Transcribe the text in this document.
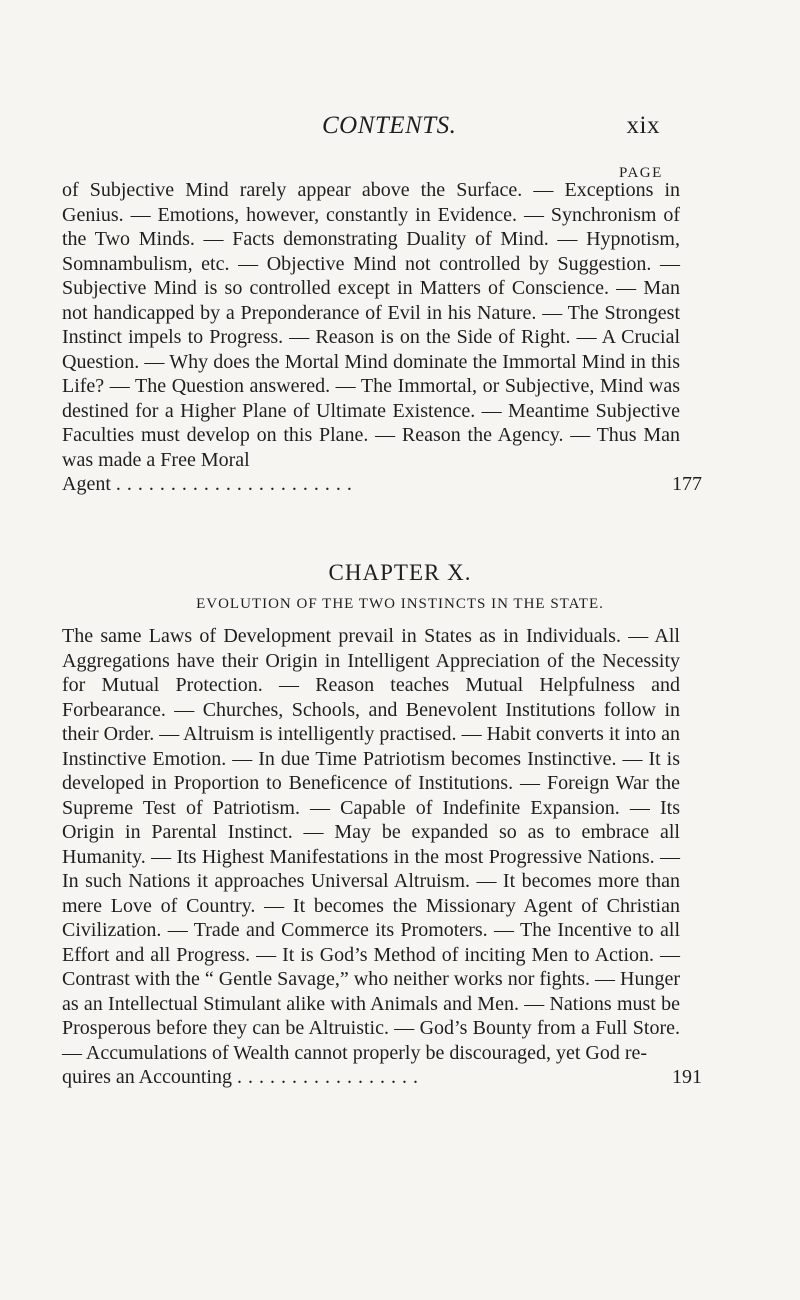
CONTENTS.	xix
PAGE

of Subjective Mind rarely appear above the Surface. — Exceptions in Genius. — Emotions, however, constantly in Evidence. — Synchronism of the Two Minds. — Facts demonstrating Duality of Mind. — Hypnotism, Somnambulism, etc. — Objective Mind not controlled by Suggestion. — Subjective Mind is so controlled except in Matters of Conscience. — Man not handicapped by a Preponderance of Evil in his Nature. — The Strongest Instinct impels to Progress. — Reason is on the Side of Right. — A Crucial Question. — Why does the Mortal Mind dominate the Immortal Mind in this Life? — The Question answered. — The Immortal, or Subjective, Mind was destined for a Higher Plane of Ultimate Existence. — Meantime Subjective Faculties must develop on this Plane. — Reason the Agency. — Thus Man was made a Free Moral

Agent ......................	177
CHAPTER X.
EVOLUTION OF THE TWO INSTINCTS IN THE STATE.

The same Laws of Development prevail in States as in Individuals. — All Aggregations have their Origin in Intelligent Appreciation of the Necessity for Mutual Protection. — Reason teaches Mutual Helpfulness and Forbearance. — Churches, Schools, and Benevolent Institutions follow in their Order. — Altruism is intelligently practised. — Habit converts it into an Instinctive Emotion. — In due Time Patriotism becomes Instinctive. — It is developed in Proportion to Beneficence of Institutions. — Foreign War the Supreme Test of Patriotism. — Capable of Indefinite Expansion. — Its Origin in Parental Instinct. — May be expanded so as to embrace all Humanity. — Its Highest Manifestations in the most Progressive Nations. — In such Nations it approaches Universal Altruism. — It becomes more than mere Love of Country. — It becomes the Missionary Agent of Christian Civilization. — Trade and Commerce its Promoters. — The Incentive to all Effort and all Progress. — It is God’s Method of inciting Men to Action. — Contrast with the “ Gentle Savage,” who neither works nor fights. — Hunger as an Intellectual Stimulant alike with Animals and Men. — Nations must be Prosperous before they can be Altruistic. — God’s Bounty from a Full Store. — Accumulations of Wealth cannot properly be discouraged, yet God re-

quires an Accounting .................	191
